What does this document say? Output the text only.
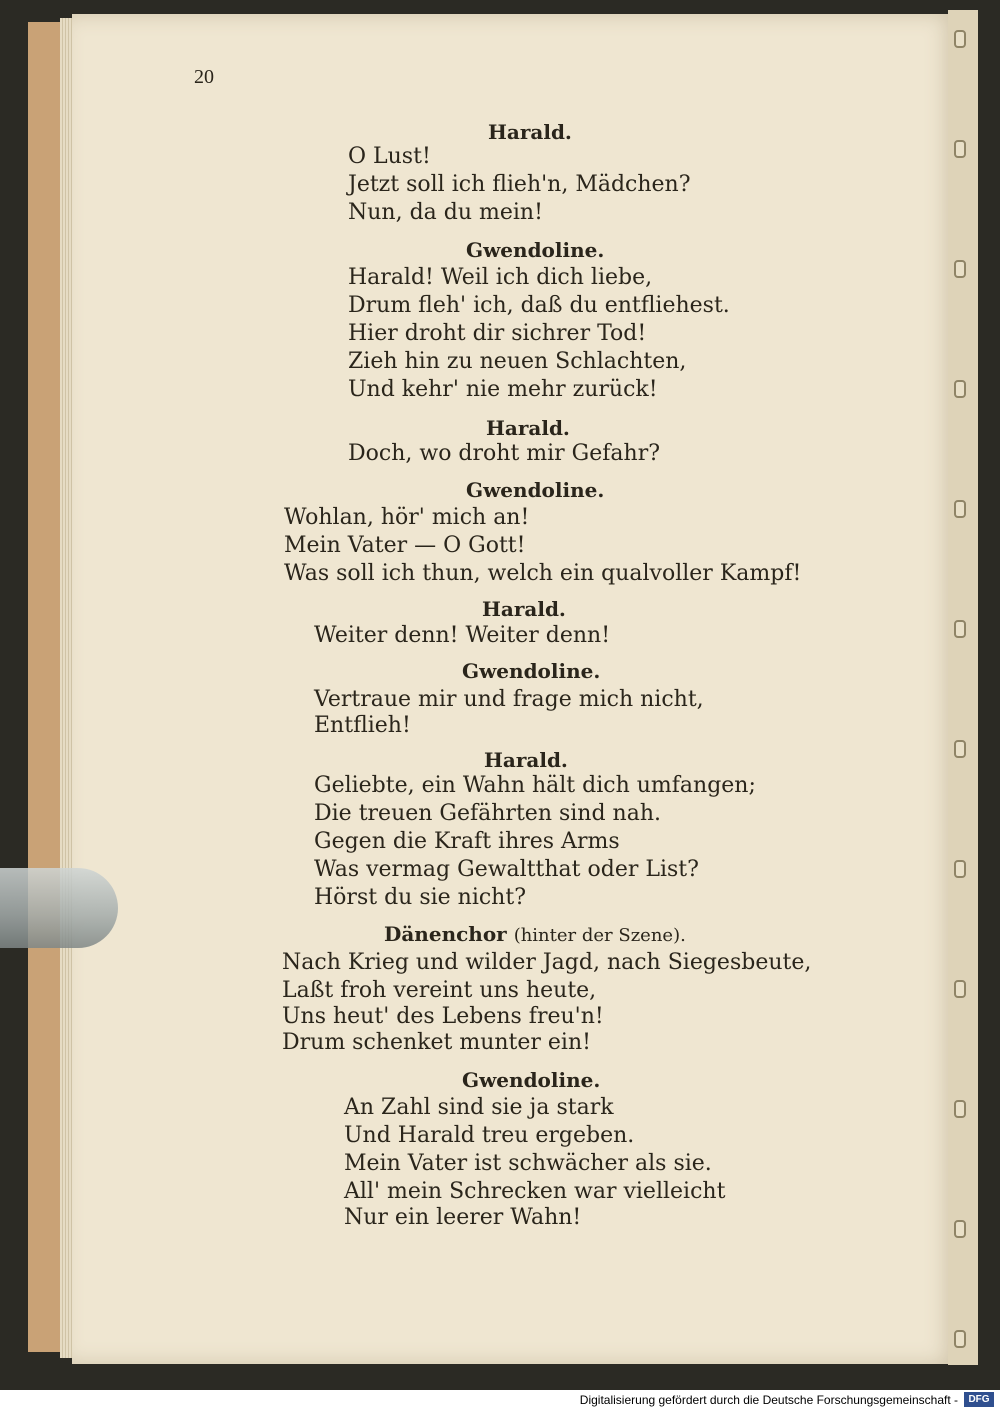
20
Harald.
O Lust!
Jetzt soll ich flieh'n, Mädchen?
Nun, da du mein!
Gwendoline.
Harald! Weil ich dich liebe,
Drum fleh' ich, daß du entfliehest.
Hier droht dir sichrer Tod!
Zieh hin zu neuen Schlachten,
Und kehr' nie mehr zurück!
Harald.
Doch, wo droht mir Gefahr?
Gwendoline.
Wohlan, hör' mich an!
Mein Vater — O Gott!
Was soll ich thun, welch ein qualvoller Kampf!
Harald.
Weiter denn! Weiter denn!
Gwendoline.
Vertraue mir und frage mich nicht,
Entflieh!
Harald.
Geliebte, ein Wahn hält dich umfangen;
Die treuen Gefährten sind nah.
Gegen die Kraft ihres Arms
Was vermag Gewaltthat oder List?
Hörst du sie nicht?
Dänenchor (hinter der Szene).
Nach Krieg und wilder Jagd, nach Siegesbeute,
Laßt froh vereint uns heute,
Uns heut' des Lebens freu'n!
Drum schenket munter ein!
Gwendoline.
An Zahl sind sie ja stark
Und Harald treu ergeben.
Mein Vater ist schwächer als sie.
All' mein Schrecken war vielleicht
Nur ein leerer Wahn!
Digitalisierung gefördert durch die Deutsche Forschungsgemeinschaft -	DFG
